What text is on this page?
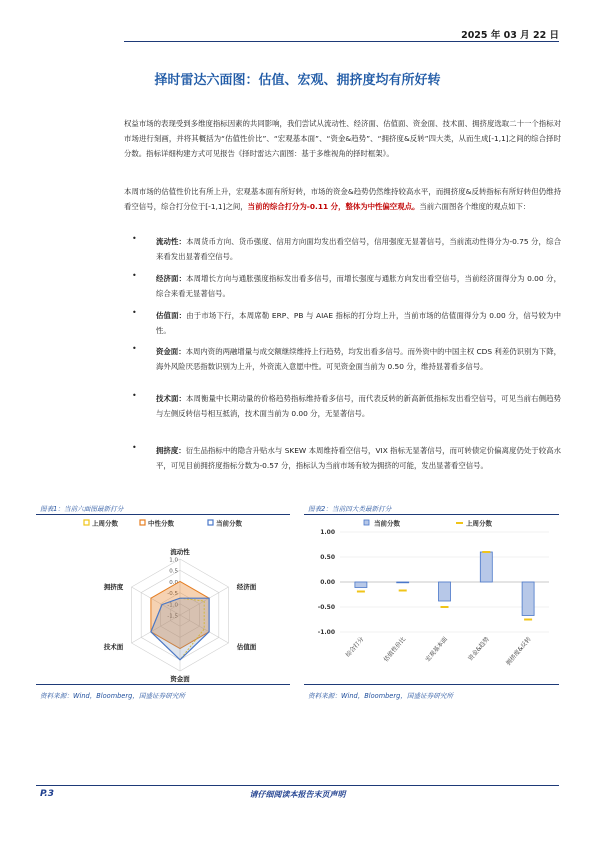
2025 年 03 月 22 日
择时雷达六面图：估值、宏观、拥挤度均有所好转
权益市场的表现受到多维度指标因素的共同影响，我们尝试从流动性、经济面、估值面、资金面、技术面、拥挤度选取二十一个指标对市场进行刻画，并将其概括为“估值性价比”、“宏观基本面”、“资金&趋势”、“拥挤度&反转”四大类，从而生成[-1,1]之间的综合择时分数。指标详细构建方式可见报告《择时雷达六面图：基于多维视角的择时框架》。
本周市场的估值性价比有所上升，宏观基本面有所好转，市场的资金&趋势仍然维持较高水平，而拥挤度&反转指标有所好转但仍维持看空信号，综合打分位于[-1,1]之间，当前的综合打分为-0.11 分，整体为中性偏空观点。当前六面图各个维度的观点如下：
•	流动性：本周货币方向、货币强度、信用方向面均发出看空信号，信用强度无显著信号，当前流动性得分为-0.75 分，综合来看发出显著看空信号。
•	经济面：本周增长方向与通胀强度指标发出看多信号，而增长强度与通胀方向发出看空信号，当前经济面得分为 0.00 分，综合来看无显著信号。
•	估值面：由于市场下行，本周席勒 ERP、PB 与 AIAE 指标的打分均上升，当前市场的估值面得分为 0.00 分，信号较为中性。
•	资金面：本周内资的两融增量与成交额继续维持上行趋势，均发出看多信号。而外资中的中国主权 CDS 利差仍识别为下降，海外风险厌恶指数识别为上升，外资流入意愿中性。可见资金面当前为 0.50 分，维持显著看多信号。
•	技术面：本周衡量中长期动量的价格趋势指标维持看多信号，而代表反转的新高新低指标发出看空信号，可见当前右侧趋势与左侧反转信号相互抵消，技术面当前为 0.00 分，无显著信号。
•	拥挤度：衍生品指标中的隐含升贴水与 SKEW 本周维持看空信号，VIX 指标无显著信号，而可转债定价偏离度仍处于较高水平，可见目前拥挤度指标分数为-0.57 分，指标认为当前市场有较为拥挤的可能，发出显著看空信号。
图表1：当前六面图最新打分
上周分数	中性分数	当前分数
1.0
0.5
0.0
-0.5
-1.0
-1.5
流动性
经济面
估值面
资金面
技术面
拥挤度
资料来源：Wind，Bloomberg，国盛证券研究所
图表2：当前四大类最新打分
当前分数	上周分数
1.00
0.50
0.00
-0.50
-1.00
综合打分	估值性价比	宏观基本面	资金&趋势 拥挤度&反转
资料来源：Wind，Bloomberg，国盛证券研究所
P.3	请仔细阅读本报告末页声明
